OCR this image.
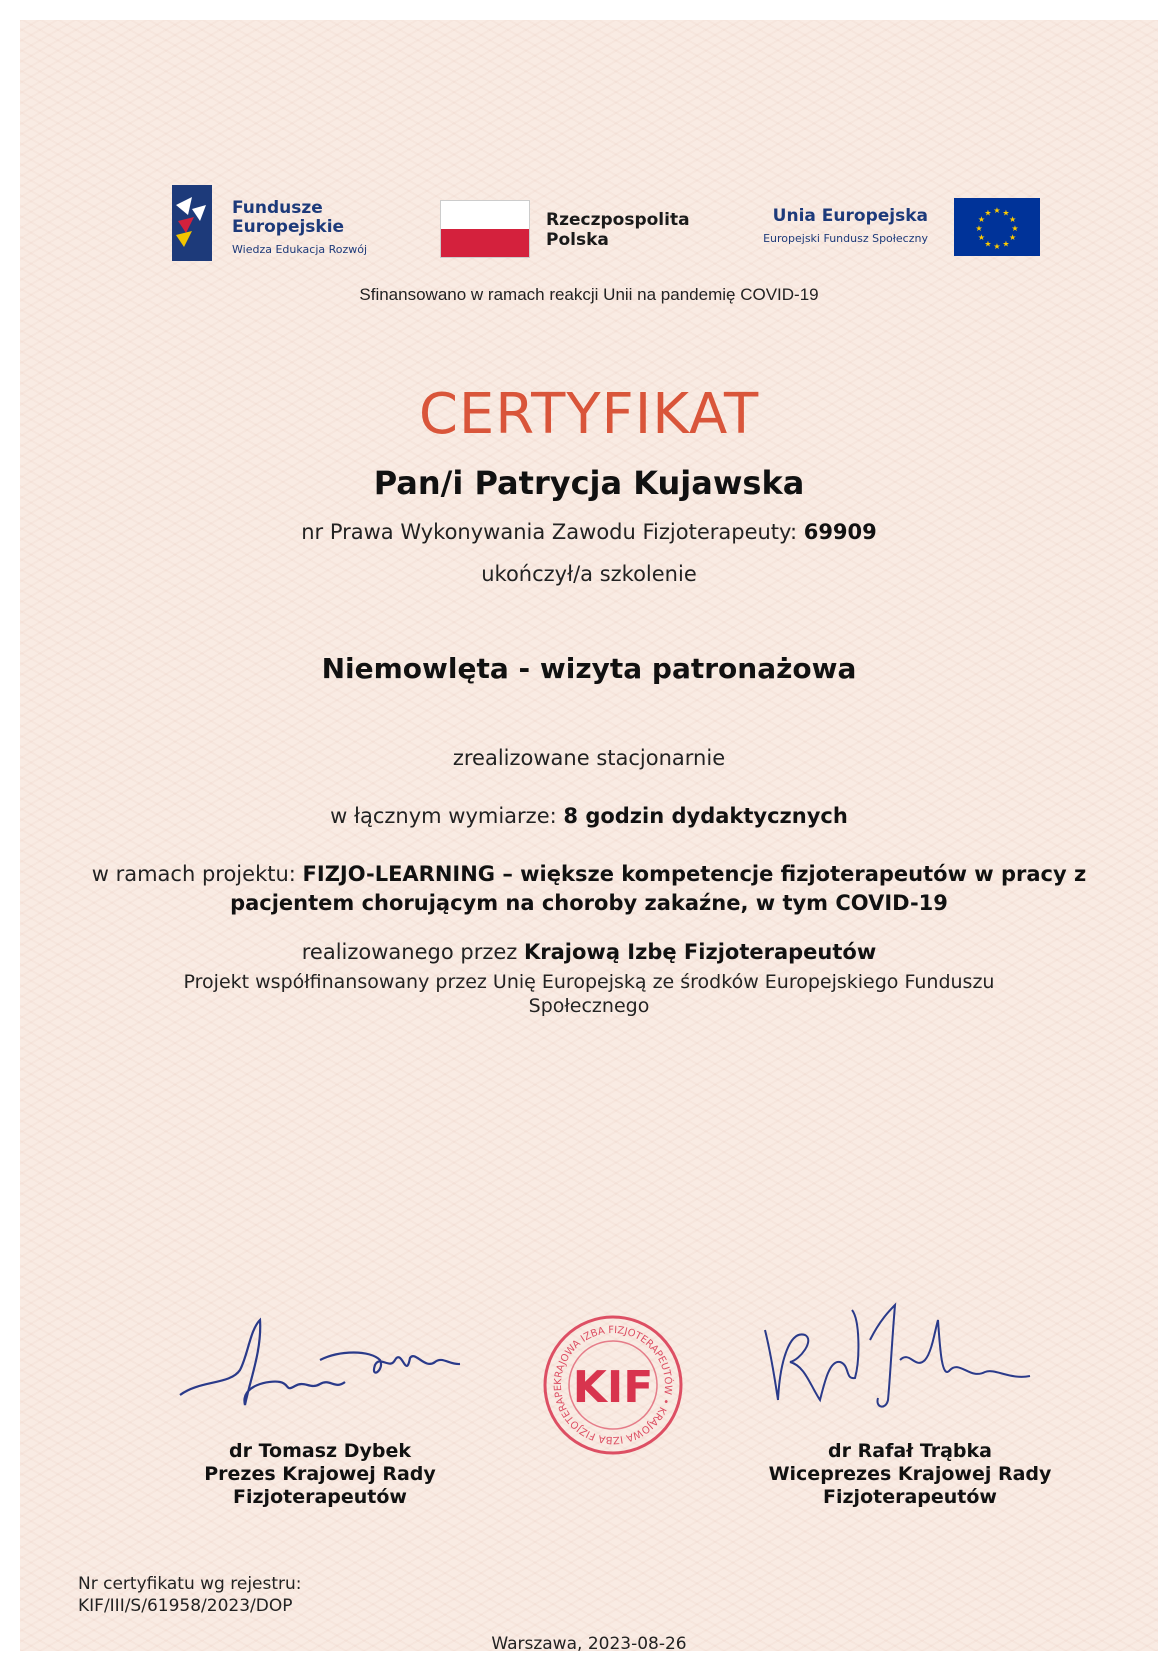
Fundusze
Europejskie
Wiedza Edukacja Rozwój
Rzeczpospolita
Polska
Unia Europejska
Europejski Fundusz Społeczny
★
★
★
★
★
★
★
★
★ ★ ★
★
Sfinansowano w ramach reakcji Unii na pandemię COVID-19
CERTYFIKAT
Pan/i Patrycja Kujawska
nr Prawa Wykonywania Zawodu Fizjoterapeuty: 69909
ukończył/a szkolenie
Niemowlęta - wizyta patronażowa
zrealizowane stacjonarnie
w łącznym wymiarze: 8 godzin dydaktycznych
w ramach projektu: FIZJO-LEARNING – większe kompetencje fizjoterapeutów w pracy z pacjentem chorującym na choroby zakaźne, w tym COVID-19
realizowanego przez Krajową Izbę Fizjoterapeutów
Projekt współfinansowany przez Unię Europejską ze środków Europejskiego Funduszu Społecznego
KRAJOWA IZBA FIZJOTERAPEUTÓW • KRAJOWA IZBA FIZJOTERAPE KIF
dr Tomasz Dybek
Prezes Krajowej Rady
Fizjoterapeutów
dr Rafał Trąbka
Wiceprezes Krajowej Rady
Fizjoterapeutów
Nr certyfikatu wg rejestru:
KIF/III/S/61958/2023/DOP
Warszawa, 2023-08-26
